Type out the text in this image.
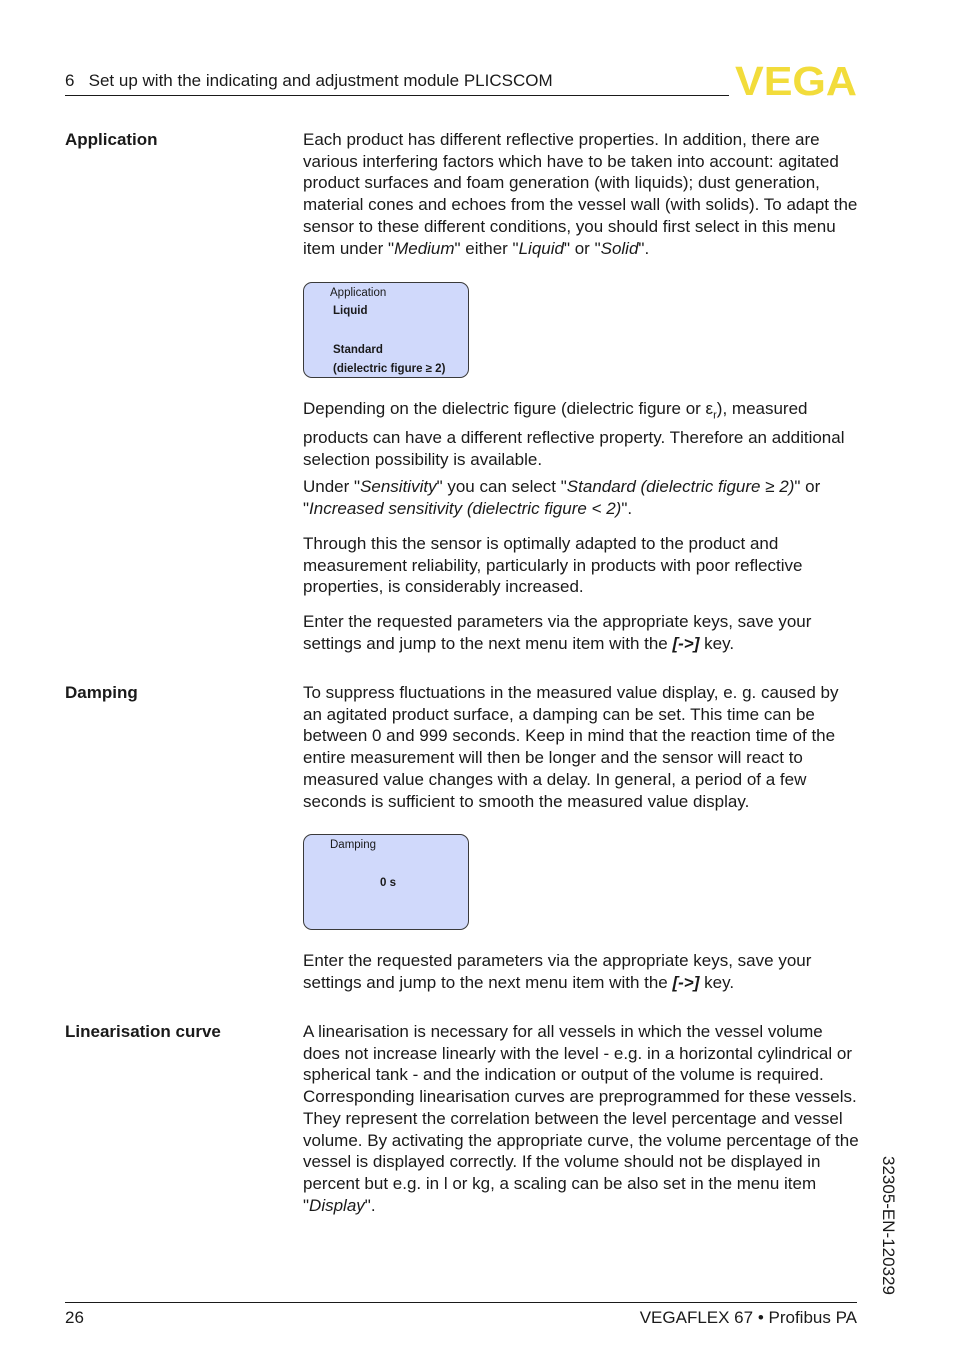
6 Set up with the indicating and adjustment module PLICSCOM	VEGA
Application	Each product has different reflective properties. In addition, there are various interfering factors which have to be taken into account: agitated product surfaces and foam generation (with liquids); dust generation, material cones and echoes from the vessel wall (with solids). To adapt the sensor to these different conditions, you should first select in this menu item under "Medium" either "Liquid" or "Solid".
Application
Liquid
Standard
(dielectric figure ≥ 2)
Depending on the dielectric figure (dielectric figure or $\varepsilon_r$), measured products can have a different reflective property. Therefore an additional selection possibility is available.
Under "Sensitivity" you can select "Standard (dielectric figure ≥ 2)" or "Increased sensitivity (dielectric figure < 2)".
Through this the sensor is optimally adapted to the product and measurement reliability, particularly in products with poor reflective properties, is considerably increased.
Enter the requested parameters via the appropriate keys, save your settings and jump to the next menu item with the [->] key.
Damping	To suppress fluctuations in the measured value display, e. g. caused by an agitated product surface, a damping can be set. This time can be between 0 and 999 seconds. Keep in mind that the reaction time of the entire measurement will then be longer and the sensor will react to measured value changes with a delay. In general, a period of a few seconds is sufficient to smooth the measured value display.
Damping
0 s
Enter the requested parameters via the appropriate keys, save your settings and jump to the next menu item with the [->] key.
Linearisation curve	A linearisation is necessary for all vessels in which the vessel volume does not increase linearly with the level - e.g. in a horizontal cylindrical or spherical tank - and the indication or output of the volume is required. Corresponding linearisation curves are preprogrammed for these vessels. They represent the correlation between the level percentage and vessel volume. By activating the appropriate curve, the volume percentage of the vessel is displayed correctly. If the volume should not be displayed in percent but e.g. in l or kg, a scaling can be also set in the menu item "Display".	32305-EN-120329
26	VEGAFLEX 67 • Profibus PA
